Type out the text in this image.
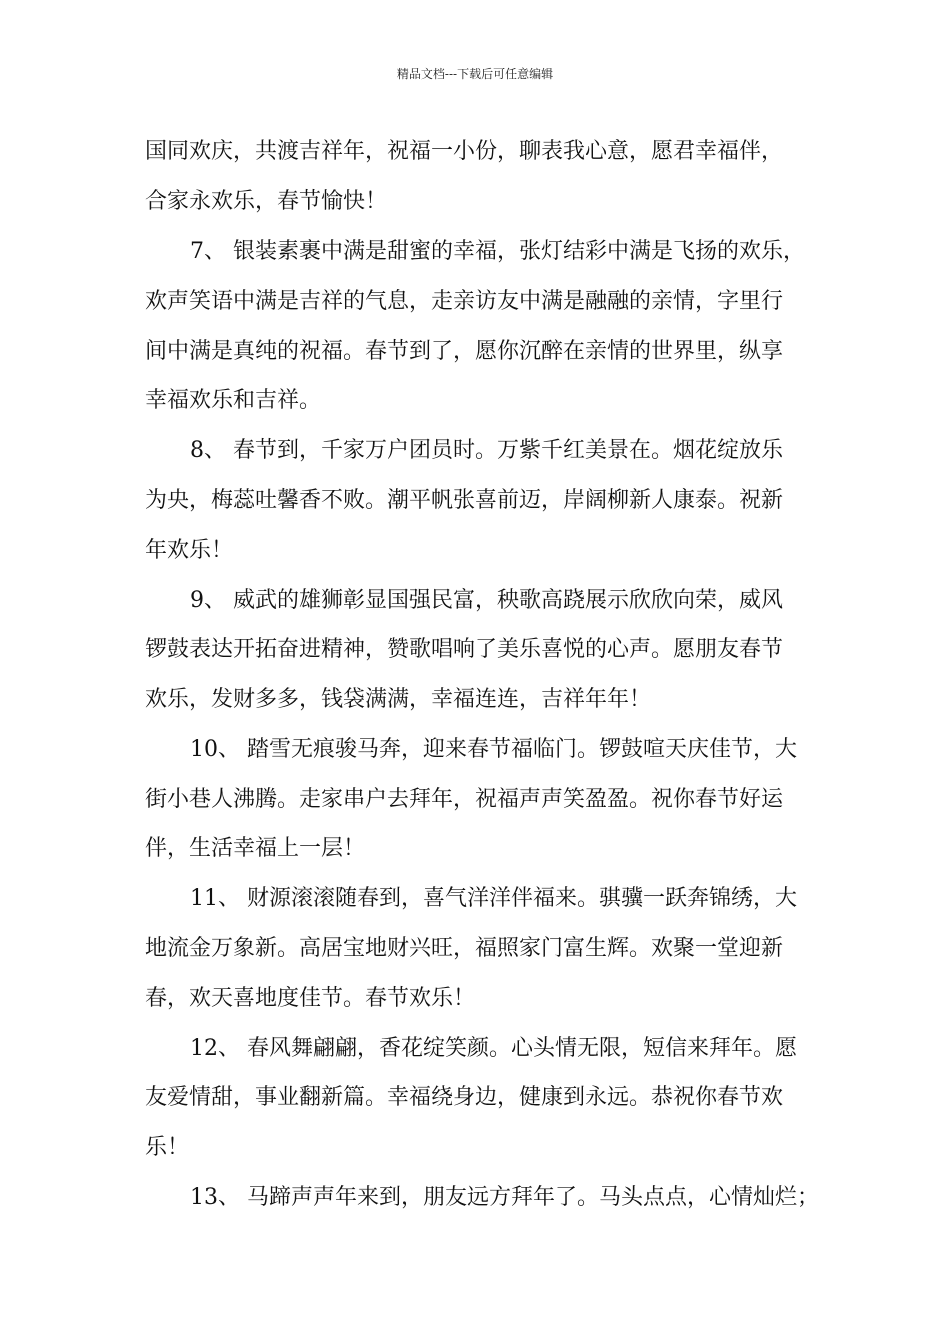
精品文档---下载后可任意编辑
国同欢庆，共渡吉祥年，祝福一小份，聊表我心意，愿君幸福伴，
合家永欢乐，春节愉快！
7、 银装素裹中满是甜蜜的幸福，张灯结彩中满是飞扬的欢乐，
欢声笑语中满是吉祥的气息，走亲访友中满是融融的亲情，字里行
间中满是真纯的祝福。春节到了，愿你沉醉在亲情的世界里，纵享
幸福欢乐和吉祥。
8、 春节到，千家万户团员时。万紫千红美景在。烟花绽放乐
为央，梅蕊吐馨香不败。潮平帆张喜前迈，岸阔柳新人康泰。祝新
年欢乐！
9、 威武的雄狮彰显国强民富，秧歌高跷展示欣欣向荣，威风
锣鼓表达开拓奋进精神，赞歌唱响了美乐喜悦的心声。愿朋友春节
欢乐，发财多多，钱袋满满，幸福连连，吉祥年年！
10、 踏雪无痕骏马奔，迎来春节福临门。锣鼓喧天庆佳节，大
街小巷人沸腾。走家串户去拜年，祝福声声笑盈盈。祝你春节好运
伴，生活幸福上一层！
11、 财源滚滚随春到，喜气洋洋伴福来。骐骥一跃奔锦绣，大
地流金万象新。高居宝地财兴旺，福照家门富生辉。欢聚一堂迎新
春，欢天喜地度佳节。春节欢乐！
12、 春风舞翩翩，香花绽笑颜。心头情无限，短信来拜年。愿
友爱情甜，事业翻新篇。幸福绕身边，健康到永远。恭祝你春节欢
乐！
13、 马蹄声声年来到，朋友远方拜年了。马头点点，心情灿烂；
